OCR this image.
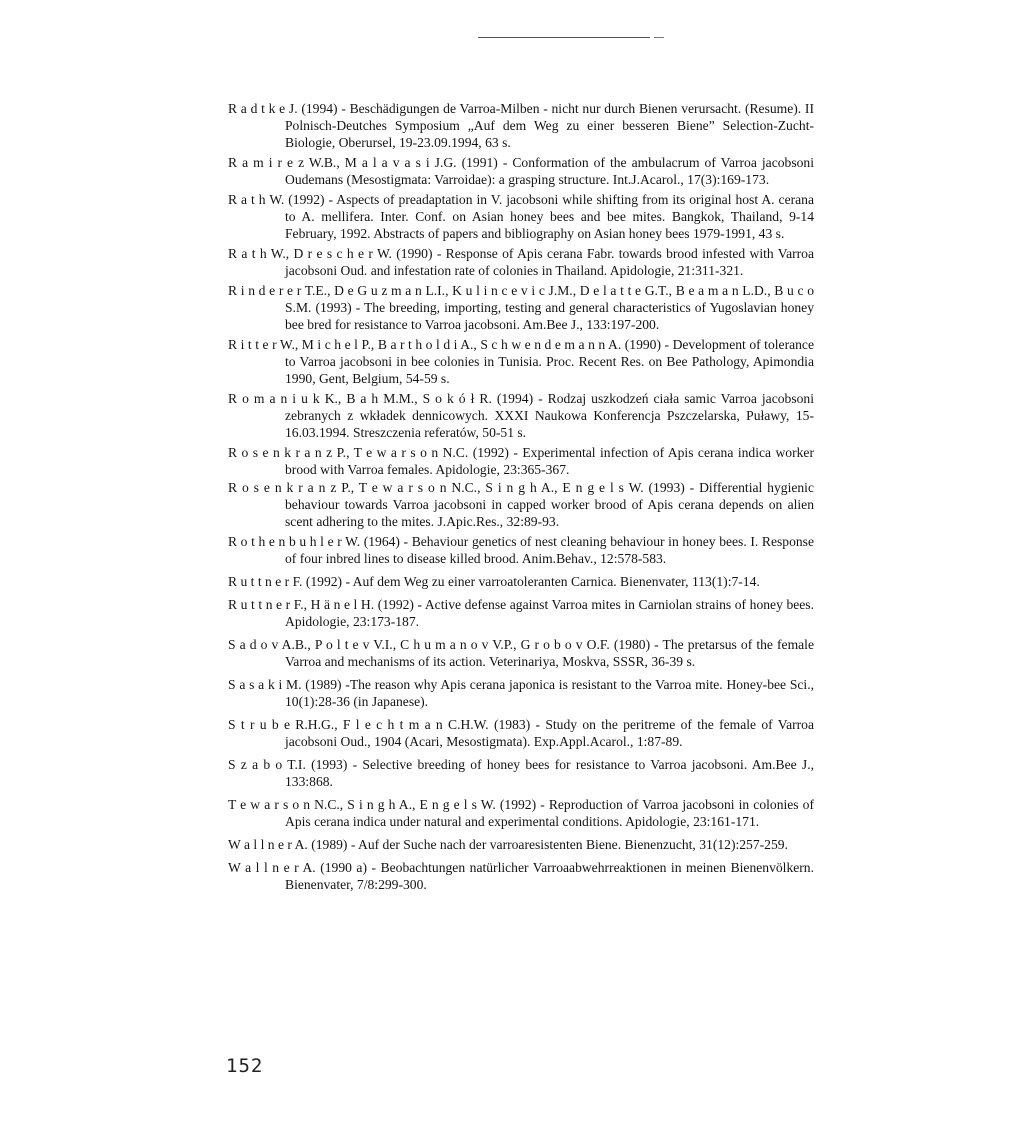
R a d t k e J. (1994) - Beschädigungen de Varroa-Milben - nicht nur durch Bienen verursacht. (Resume). II Polnisch-Deutches Symposium „Auf dem Weg zu einer besseren Biene” Selection-Zucht-Biologie, Oberursel, 19-23.09.1994, 63 s.

R a m i r e z W.B., M a l a v a s i J.G. (1991) - Conformation of the ambulacrum of Varroa jacobsoni Oudemans (Mesostigmata: Varroidae): a grasping structure. Int.J.Acarol., 17(3):169-173.

R a t h W. (1992) - Aspects of preadaptation in V. jacobsoni while shifting from its original host A. cerana to A. mellifera. Inter. Conf. on Asian honey bees and bee mites. Bangkok, Thailand, 9-14 February, 1992. Abstracts of papers and bibliography on Asian honey bees 1979-1991, 43 s.

R a t h W., D r e s c h e r W. (1990) - Response of Apis cerana Fabr. towards brood infested with Varroa jacobsoni Oud. and infestation rate of colonies in Thailand. Apidologie, 21:311-321.

R i n d e r e r T.E., D e G u z m a n L.I., K u l i n c e v i c J.M., D e l a t t e G.T., B e a m a n L.D., B u c o S.M. (1993) - The breeding, importing, testing and general characteristics of Yugoslavian honey bee bred for resistance to Varroa jacobsoni. Am.Bee J., 133:197-200.

R i t t e r W., M i c h e l P., B a r t h o l d i A., S c h w e n d e m a n n A. (1990) - Development of tolerance to Varroa jacobsoni in bee colonies in Tunisia. Proc. Recent Res. on Bee Pathology, Apimondia 1990, Gent, Belgium, 54-59 s.

R o m a n i u k K., B a h M.M., S o k ó ł R. (1994) - Rodzaj uszkodzeń ciała samic Varroa jacobsoni zebranych z wkładek dennicowych. XXXI Naukowa Konferencja Pszczelarska, Puławy, 15-16.03.1994. Streszczenia referatów, 50-51 s.

R o s e n k r a n z P., T e w a r s o n N.C. (1992) - Experimental infection of Apis cerana indica worker brood with Varroa females. Apidologie, 23:365-367.

R o s e n k r a n z P., T e w a r s o n N.C., S i n g h A., E n g e l s W. (1993) - Differential hygienic behaviour towards Varroa jacobsoni in capped worker brood of Apis cerana depends on alien scent adhering to the mites. J.Apic.Res., 32:89-93.

R o t h e n b u h l e r W. (1964) - Behaviour genetics of nest cleaning behaviour in honey bees. I. Response of four inbred lines to disease killed brood. Anim.Behav., 12:578-583.

R u t t n e r F. (1992) - Auf dem Weg zu einer varroatoleranten Carnica. Bienenvater, 113(1):7-14.

R u t t n e r F., H ä n e l H. (1992) - Active defense against Varroa mites in Carniolan strains of honey bees. Apidologie, 23:173-187.

S a d o v A.B., P o l t e v V.I., C h u m a n o v V.P., G r o b o v O.F. (1980) - The pretarsus of the female Varroa and mechanisms of its action. Veterinariya, Moskva, SSSR, 36-39 s.

S a s a k i M. (1989) -The reason why Apis cerana japonica is resistant to the Varroa mite. Honey-bee Sci., 10(1):28-36 (in Japanese).

S t r u b e R.H.G., F l e c h t m a n C.H.W. (1983) - Study on the peritreme of the female of Varroa jacobsoni Oud., 1904 (Acari, Mesostigmata). Exp.Appl.Acarol., 1:87-89.

S z a b o T.I. (1993) - Selective breeding of honey bees for resistance to Varroa jacobsoni. Am.Bee J., 133:868.

T e w a r s o n N.C., S i n g h A., E n g e l s W. (1992) - Reproduction of Varroa jacobsoni in colonies of Apis cerana indica under natural and experimental conditions. Apidologie, 23:161-171.

W a l l n e r A. (1989) - Auf der Suche nach der varroaresistenten Biene. Bienenzucht, 31(12):257-259.

W a l l n e r A. (1990 a) - Beobachtungen natürlicher Varroaabwehrreaktionen in meinen Bienenvölkern. Bienenvater, 7/8:299-300.

152
